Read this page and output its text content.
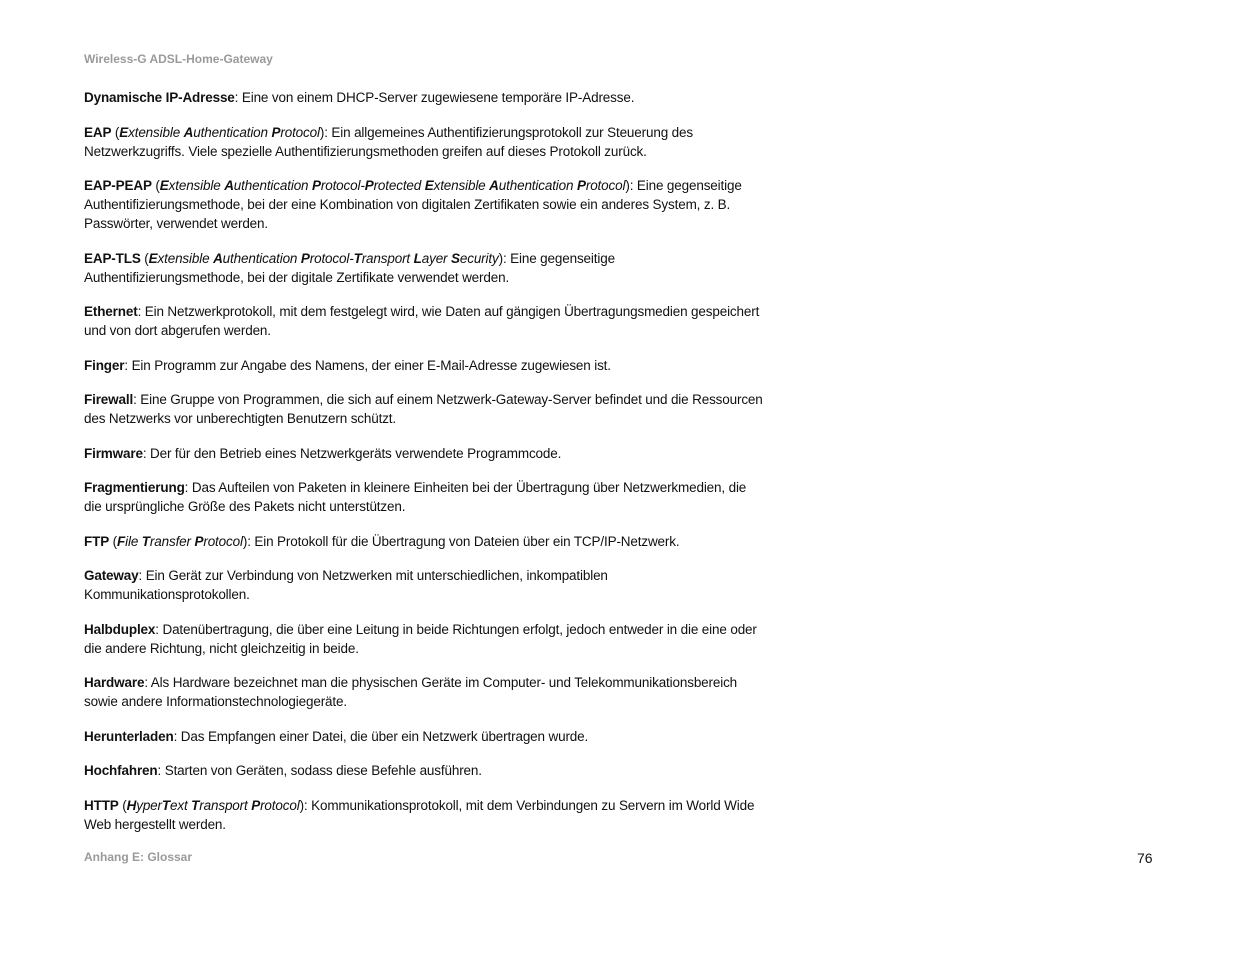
Wireless-G ADSL-Home-Gateway

Dynamische IP-Adresse: Eine von einem DHCP-Server zugewiesene temporäre IP-Adresse.

EAP (Extensible Authentication Protocol): Ein allgemeines Authentifizierungsprotokoll zur Steuerung des Netzwerkzugriffs. Viele spezielle Authentifizierungsmethoden greifen auf dieses Protokoll zurück.

EAP-PEAP (Extensible Authentication Protocol-Protected Extensible Authentication Protocol): Eine gegenseitige Authentifizierungsmethode, bei der eine Kombination von digitalen Zertifikaten sowie ein anderes System, z. B. Passwörter, verwendet werden.

EAP-TLS (Extensible Authentication Protocol-Transport Layer Security): Eine gegenseitige Authentifizierungsmethode, bei der digitale Zertifikate verwendet werden.

Ethernet: Ein Netzwerkprotokoll, mit dem festgelegt wird, wie Daten auf gängigen Übertragungsmedien gespeichert und von dort abgerufen werden.

Finger: Ein Programm zur Angabe des Namens, der einer E-Mail-Adresse zugewiesen ist.

Firewall: Eine Gruppe von Programmen, die sich auf einem Netzwerk-Gateway-Server befindet und die Ressourcen des Netzwerks vor unberechtigten Benutzern schützt.

Firmware: Der für den Betrieb eines Netzwerkgeräts verwendete Programmcode.

Fragmentierung: Das Aufteilen von Paketen in kleinere Einheiten bei der Übertragung über Netzwerkmedien, die die ursprüngliche Größe des Pakets nicht unterstützen.

FTP (File Transfer Protocol): Ein Protokoll für die Übertragung von Dateien über ein TCP/IP-Netzwerk.

Gateway: Ein Gerät zur Verbindung von Netzwerken mit unterschiedlichen, inkompatiblen Kommunikationsprotokollen.

Halbduplex: Datenübertragung, die über eine Leitung in beide Richtungen erfolgt, jedoch entweder in die eine oder die andere Richtung, nicht gleichzeitig in beide.

Hardware: Als Hardware bezeichnet man die physischen Geräte im Computer- und Telekommunikationsbereich sowie andere Informationstechnologiegeräte.

Herunterladen: Das Empfangen einer Datei, die über ein Netzwerk übertragen wurde.

Hochfahren: Starten von Geräten, sodass diese Befehle ausführen.

HTTP (HyperText Transport Protocol): Kommunikationsprotokoll, mit dem Verbindungen zu Servern im World Wide Web hergestellt werden.

Anhang E: Glossar	76
